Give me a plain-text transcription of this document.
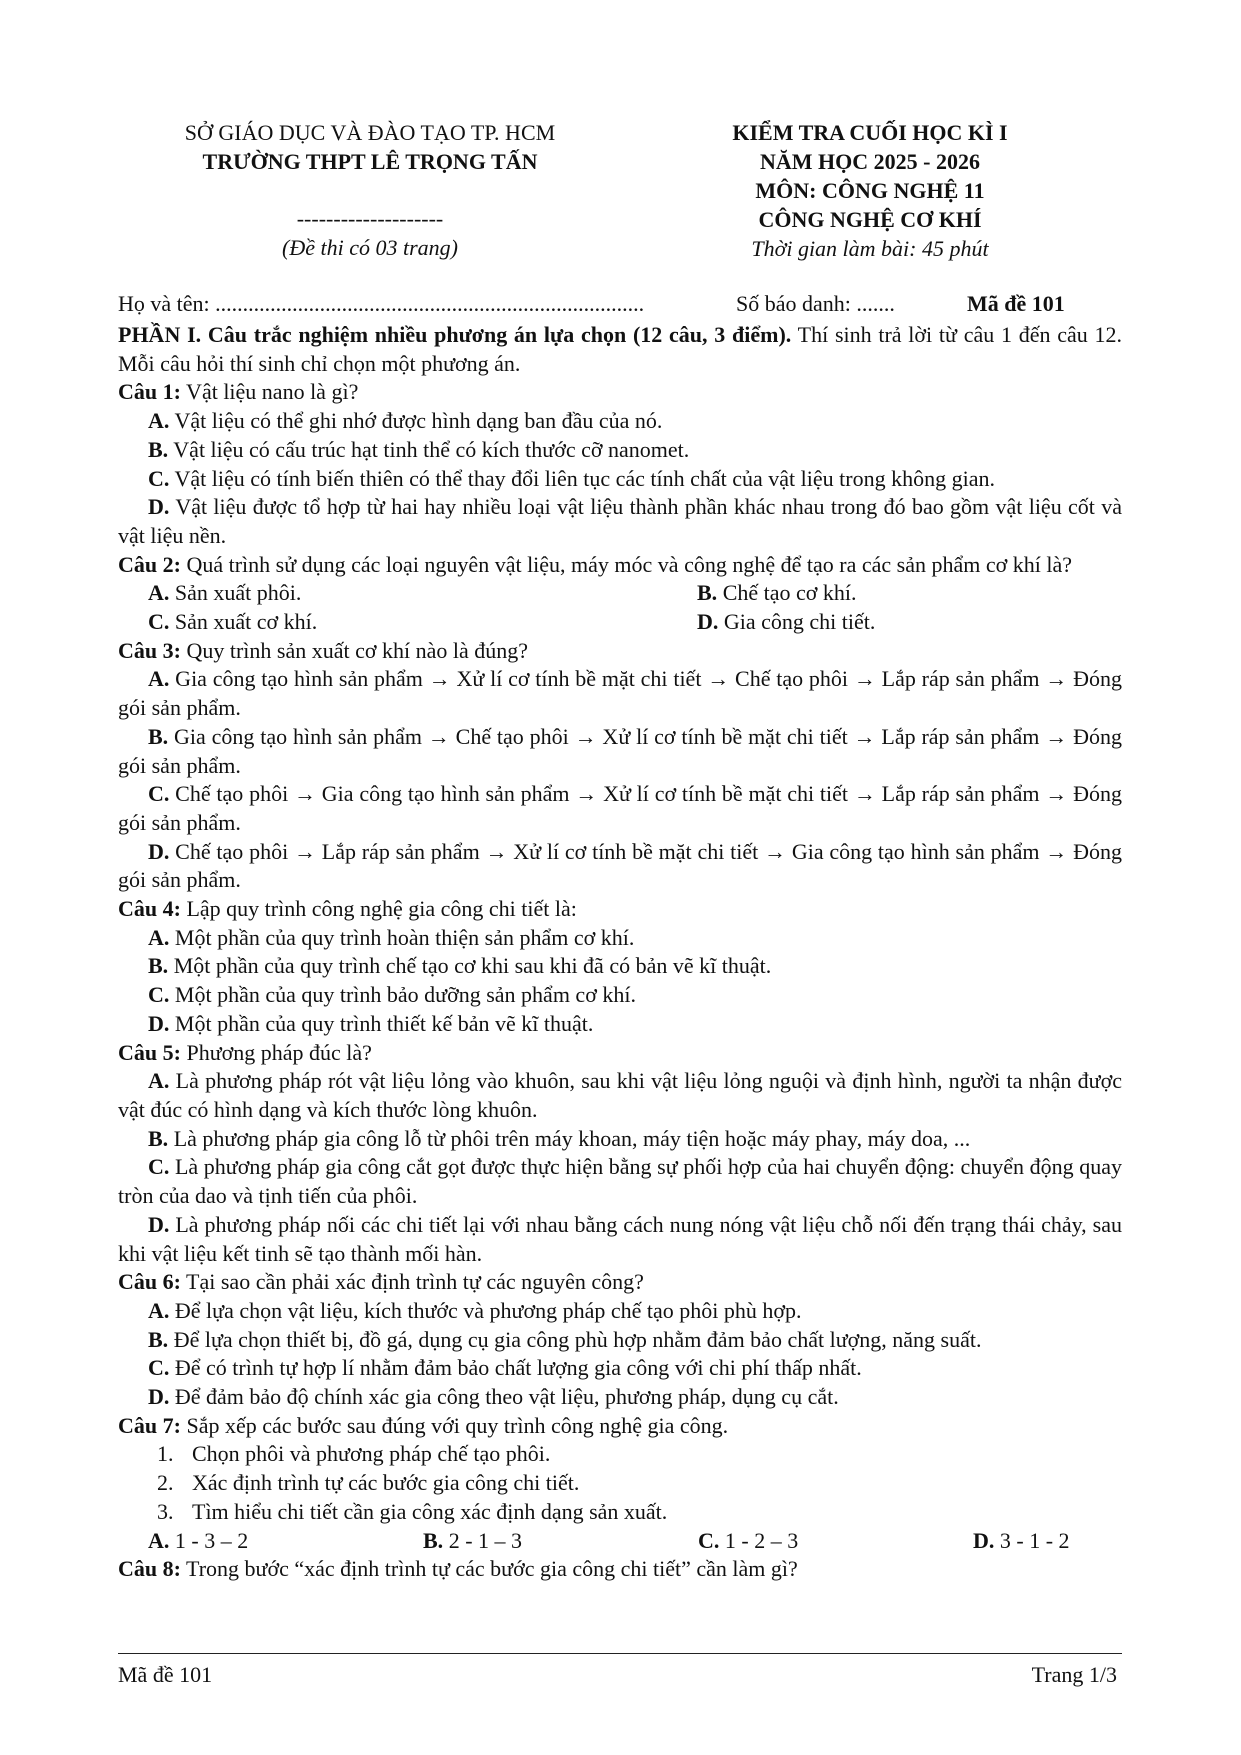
SỞ GIÁO DỤC VÀ ĐÀO TẠO TP. HCM
TRƯỜNG THPT LÊ TRỌNG TẤN
--------------------
(Đề thi có 03 trang)
KIỂM TRA CUỐI HỌC KÌ I
NĂM HỌC 2025 - 2026
MÔN: CÔNG NGHỆ 11
CÔNG NGHỆ CƠ KHÍ
Thời gian làm bài: 45 phút
Họ và tên: ..............................................................................	Số báo danh: .......	Mã đề 101

PHẦN I. Câu trắc nghiệm nhiều phương án lựa chọn (12 câu, 3 điểm). Thí sinh trả lời từ câu 1 đến câu 12. Mỗi câu hỏi thí sinh chỉ chọn một phương án.

Câu 1: Vật liệu nano là gì?

A. Vật liệu có thể ghi nhớ được hình dạng ban đầu của nó.

B. Vật liệu có cấu trúc hạt tinh thể có kích thước cỡ nanomet.

C. Vật liệu có tính biến thiên có thể thay đổi liên tục các tính chất của vật liệu trong không gian.

D. Vật liệu được tổ hợp từ hai hay nhiều loại vật liệu thành phần khác nhau trong đó bao gồm vật liệu cốt và vật liệu nền.

Câu 2: Quá trình sử dụng các loại nguyên vật liệu, máy móc và công nghệ để tạo ra các sản phẩm cơ khí là?

A. Sản xuất phôi.	B. Chế tạo cơ khí.

C. Sản xuất cơ khí.	D. Gia công chi tiết.

Câu 3: Quy trình sản xuất cơ khí nào là đúng?

A. Gia công tạo hình sản phẩm → Xử lí cơ tính bề mặt chi tiết → Chế tạo phôi → Lắp ráp sản phẩm → Đóng gói sản phẩm.

B. Gia công tạo hình sản phẩm → Chế tạo phôi → Xử lí cơ tính bề mặt chi tiết → Lắp ráp sản phẩm → Đóng gói sản phẩm.

C. Chế tạo phôi → Gia công tạo hình sản phẩm → Xử lí cơ tính bề mặt chi tiết → Lắp ráp sản phẩm → Đóng gói sản phẩm.

D. Chế tạo phôi → Lắp ráp sản phẩm → Xử lí cơ tính bề mặt chi tiết → Gia công tạo hình sản phẩm → Đóng gói sản phẩm.

Câu 4: Lập quy trình công nghệ gia công chi tiết là:

A. Một phần của quy trình hoàn thiện sản phẩm cơ khí.

B. Một phần của quy trình chế tạo cơ khi sau khi đã có bản vẽ kĩ thuật.

C. Một phần của quy trình bảo dưỡng sản phẩm cơ khí.

D. Một phần của quy trình thiết kế bản vẽ kĩ thuật.

Câu 5: Phương pháp đúc là?

A. Là phương pháp rót vật liệu lỏng vào khuôn, sau khi vật liệu lỏng nguội và định hình, người ta nhận được vật đúc có hình dạng và kích thước lòng khuôn.

B. Là phương pháp gia công lỗ từ phôi trên máy khoan, máy tiện hoặc máy phay, máy doa, ...

C. Là phương pháp gia công cắt gọt được thực hiện bằng sự phối hợp của hai chuyển động: chuyển động quay tròn của dao và tịnh tiến của phôi.

D. Là phương pháp nối các chi tiết lại với nhau bằng cách nung nóng vật liệu chỗ nối đến trạng thái chảy, sau khi vật liệu kết tinh sẽ tạo thành mối hàn.

Câu 6: Tại sao cần phải xác định trình tự các nguyên công?

A. Để lựa chọn vật liệu, kích thước và phương pháp chế tạo phôi phù hợp.

B. Để lựa chọn thiết bị, đồ gá, dụng cụ gia công phù hợp nhằm đảm bảo chất lượng, năng suất.

C. Để có trình tự hợp lí nhằm đảm bảo chất lượng gia công với chi phí thấp nhất.

D. Để đảm bảo độ chính xác gia công theo vật liệu, phương pháp, dụng cụ cắt.

Câu 7: Sắp xếp các bước sau đúng với quy trình công nghệ gia công.

1. Chọn phôi và phương pháp chế tạo phôi.

2. Xác định trình tự các bước gia công chi tiết.

3. Tìm hiểu chi tiết cần gia công xác định dạng sản xuất.

A. 1 - 3 – 2	B. 2 - 1 – 3	C. 1 - 2 – 3	D. 3 - 1 - 2

Câu 8: Trong bước “xác định trình tự các bước gia công chi tiết” cần làm gì?

Mã đề 101	Trang 1/3
